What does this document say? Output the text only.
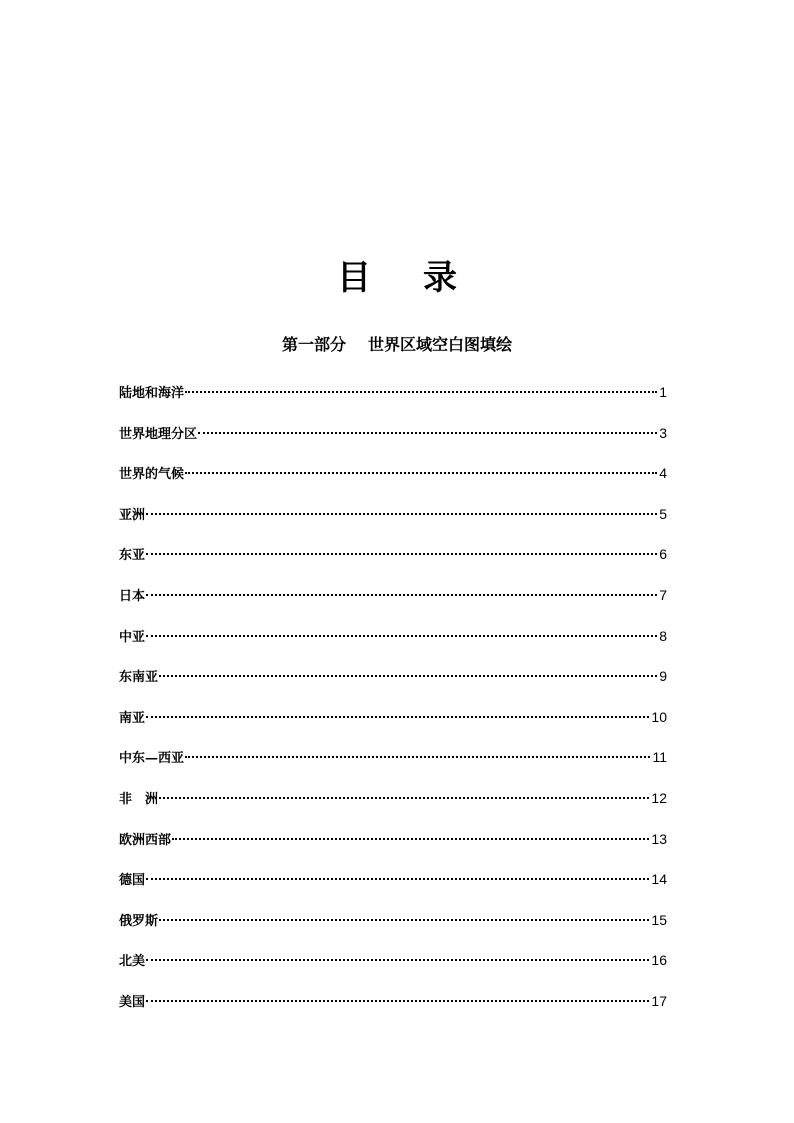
目 录
第一部分 世界区域空白图填绘
陆地和海洋	1
世界地理分区	3
世界的气候	4
亚洲	5
东亚	6
日本	7
中亚	8
东南亚	9
南亚	10
中东—西亚	11
非　洲	12
欧洲西部	13
德国	14
俄罗斯	15
北美	16
美国	17
